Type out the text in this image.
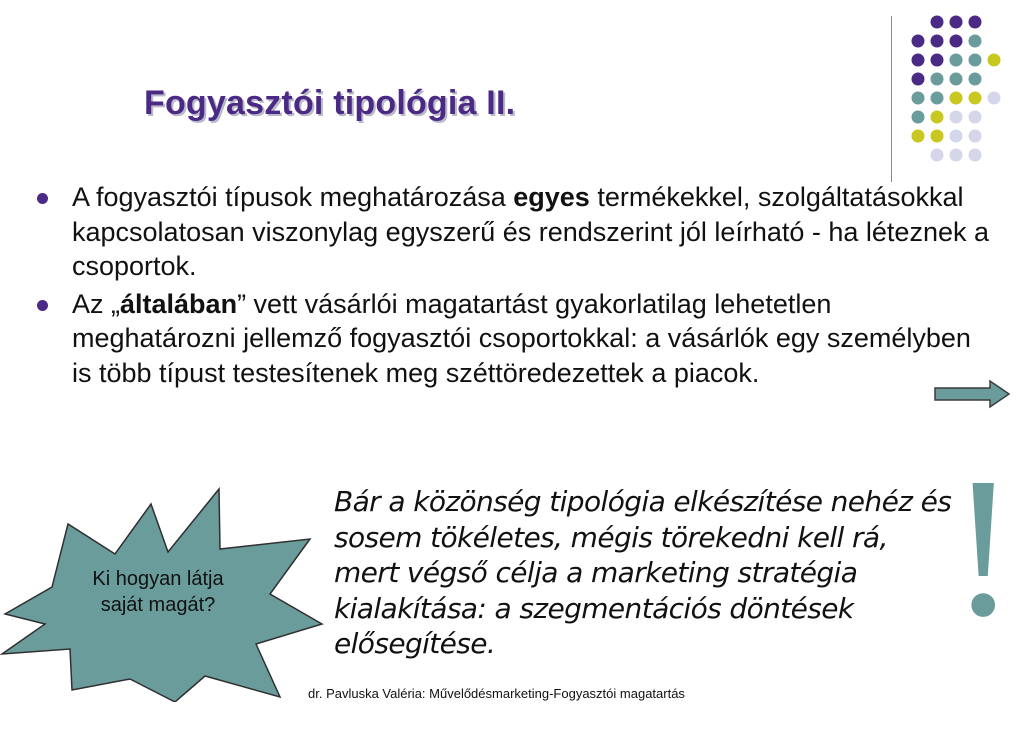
Fogyasztói tipológia II.
A fogyasztói típusok meghatározása egyes termékekkel, szolgáltatásokkal kapcsolatosan viszonylag egyszerű és rendszerint jól leírható - ha léteznek a csoportok.
Az „általában” vett vásárlói magatartást gyakorlatilag lehetetlen meghatározni jellemző fogyasztói csoportokkal: a vásárlók egy személyben is több típust testesítenek meg széttöredezettek a piacok.
Ki hogyan látja
saját magát?
Bár a közönség tipológia elkészítése nehéz és sosem tökéletes, mégis törekedni kell rá, mert végső célja a marketing stratégia kialakítása: a szegmentációs döntések elősegítése.	!
dr. Pavluska Valéria: Művelődésmarketing-Fogyasztói magatartás
